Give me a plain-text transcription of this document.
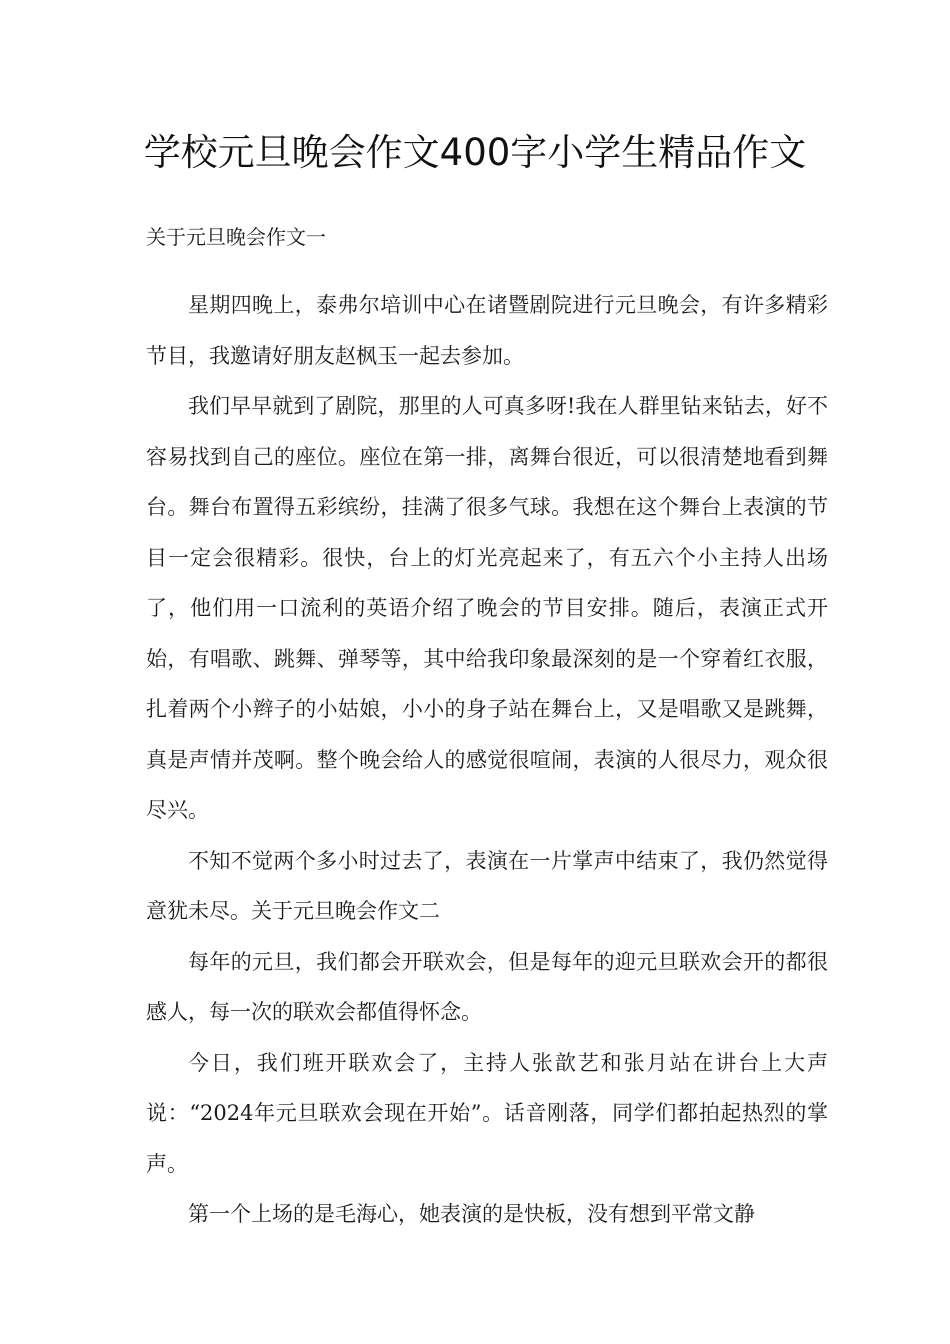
学校元旦晚会作文400字小学生精品作文

关于元旦晚会作文一

星期四晚上，泰弗尔培训中心在诸暨剧院进行元旦晚会，有许多精彩节目，我邀请好朋友赵枫玉一起去参加。

我们早早就到了剧院，那里的人可真多呀!我在人群里钻来钻去，好不容易找到自己的座位。座位在第一排，离舞台很近，可以很清楚地看到舞台。舞台布置得五彩缤纷，挂满了很多气球。我想在这个舞台上表演的节目一定会很精彩。很快，台上的灯光亮起来了，有五六个小主持人出场了，他们用一口流利的英语介绍了晚会的节目安排。随后，表演正式开始，有唱歌、跳舞、弹琴等，其中给我印象最深刻的是一个穿着红衣服，扎着两个小辫子的小姑娘，小小的身子站在舞台上，又是唱歌又是跳舞，真是声情并茂啊。整个晚会给人的感觉很喧闹，表演的人很尽力，观众很尽兴。

不知不觉两个多小时过去了，表演在一片掌声中结束了，我仍然觉得意犹未尽。关于元旦晚会作文二

每年的元旦，我们都会开联欢会，但是每年的迎元旦联欢会开的都很感人，每一次的联欢会都值得怀念。

今日，我们班开联欢会了，主持人张歆艺和张月站在讲台上大声说：“2024年元旦联欢会现在开始”。话音刚落，同学们都拍起热烈的掌声。

第一个上场的是毛海心，她表演的是快板，没有想到平常文静
